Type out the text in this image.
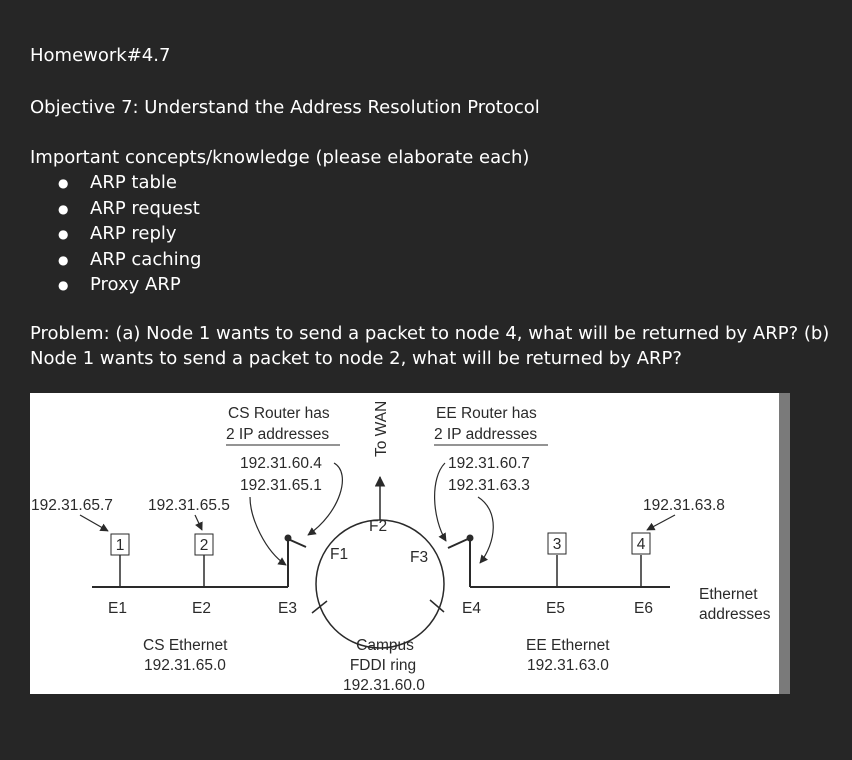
Homework#4.7
Objective 7: Understand the Address Resolution Protocol
Important concepts/knowledge (please elaborate each)
● ARP table
● ARP request
● ARP reply
● ARP caching
● Proxy ARP
Problem: (a) Node 1 wants to send a packet to node 4, what will be returned by ARP? (b) Node 1 wants to send a packet to node 2, what will be returned by ARP?
1	2	3	4
CS Router has
2 IP addresses
192.31.60.4
192.31.65.1
To WAN	EE Router has
2 IP addresses
192.31.60.7
192.31.63.3
192.31.65.7 192.31.65.5	192.31.63.8
F1
F2
F3
E1	E2	E3	E4	E5	E6
Ethernet
addresses
CS Ethernet
192.31.65.0
Campus
FDDI ring
192.31.60.0
EE Ethernet
192.31.63.0
